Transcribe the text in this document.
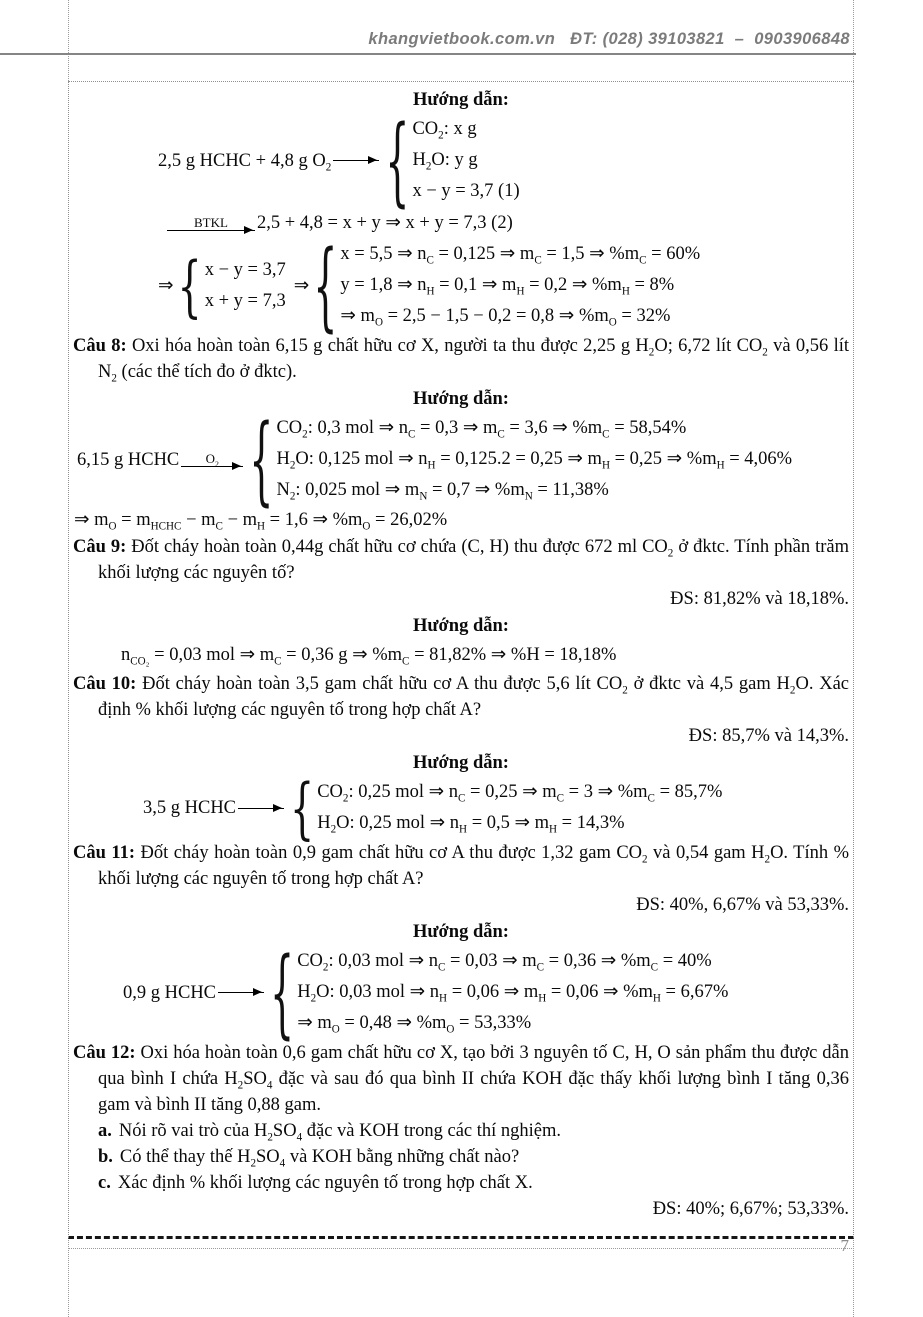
khangvietbook.com.vn   ĐT: (028) 39103821  –  0903906848

Hướng dẫn:

2,5 g HCHC + 4,8 g $O_2$
$CO_2$: x g
$H_2O$: y g
x − y = 3,7 (1)
BTKL 2,5 + 4,8 = x + y ⇒ x + y = 7,3 (2)
⇒
x − y = 3,7
x + y = 7,3
⇒
x = 5,5 ⇒ $n_C = 0,125$ ⇒ $m_C = 1,5$ ⇒ $\%m_C = 60\%$
y = 1,8 ⇒ $n_H = 0,1$ ⇒ $m_H = 0,2$ ⇒ $\%m_H = 8\%$
⇒ $m_O = 2,5 - 1,5 - 0,2 = 0,8$ ⇒ $\%m_O = 32\%$

Câu 8: Oxi hóa hoàn toàn 6,15 g chất hữu cơ X, người ta thu được 2,25 g $H_2O$; 6,72 lít $CO_2$ và 0,56 lít $N_2$ (các thể tích đo ở đktc).

Hướng dẫn:

6,15 g HCHC $O_2$
$CO_2$: 0,3 mol ⇒ $n_C = 0,3$ ⇒ $m_C = 3,6$ ⇒ $\%m_C = 58,54\%$
$H_2O$: 0,125 mol ⇒ $n_H = 0,125.2 = 0,25$ ⇒ $m_H = 0,25$ ⇒ $\%m_H = 4,06\%$
$N_2$: 0,025 mol ⇒ $m_N = 0,7$ ⇒ $\%m_N = 11,38\%$

⇒ $m_O = m_{HCHC} - m_C - m_H = 1,6$ ⇒ $\%m_O = 26,02\%$

Câu 9: Đốt cháy hoàn toàn 0,44g chất hữu cơ chứa (C, H) thu được 672 ml $CO_2$ ở đktc. Tính phần trăm khối lượng các nguyên tố?

ĐS: 81,82% và 18,18%.

Hướng dẫn:

$n_{CO_2} = 0,03$ mol ⇒ $m_C = 0,36$ g ⇒ $\%m_C = 81,82\%$ ⇒ %H = 18,18%

Câu 10: Đốt cháy hoàn toàn 3,5 gam chất hữu cơ A thu được 5,6 lít $CO_2$ ở đktc và 4,5 gam $H_2O$. Xác định % khối lượng các nguyên tố trong hợp chất A?

ĐS: 85,7% và 14,3%.

Hướng dẫn:

3,5 g HCHC
$CO_2$: 0,25 mol ⇒ $n_C = 0,25$ ⇒ $m_C = 3$ ⇒ $\%m_C = 85,7\%$
$H_2O$: 0,25 mol ⇒ $n_H = 0,5$ ⇒ $m_H = 14,3\%$

Câu 11: Đốt cháy hoàn toàn 0,9 gam chất hữu cơ A thu được 1,32 gam $CO_2$ và 0,54 gam $H_2O$. Tính % khối lượng các nguyên tố trong hợp chất A?

ĐS: 40%, 6,67% và 53,33%.

Hướng dẫn:

0,9 g HCHC
$CO_2$: 0,03 mol ⇒ $n_C = 0,03$ ⇒ $m_C = 0,36$ ⇒ $\%m_C = 40\%$
$H_2O$: 0,03 mol ⇒ $n_H = 0,06$ ⇒ $m_H = 0,06$ ⇒ $\%m_H = 6,67\%$
⇒ $m_O = 0,48$ ⇒ $\%m_O = 53,33\%$

Câu 12: Oxi hóa hoàn toàn 0,6 gam chất hữu cơ X, tạo bởi 3 nguyên tố C, H, O sản phẩm thu được dẫn qua bình I chứa $H_2SO_4$ đặc và sau đó qua bình II chứa KOH đặc thấy khối lượng bình I tăng 0,36 gam và bình II tăng 0,88 gam.

a. Nói rõ vai trò của $H_2SO_4$ đặc và KOH trong các thí nghiệm.

b. Có thể thay thế $H_2SO_4$ và KOH bằng những chất nào?

c. Xác định % khối lượng các nguyên tố trong hợp chất X.

ĐS: 40%; 6,67%; 53,33%.

7
